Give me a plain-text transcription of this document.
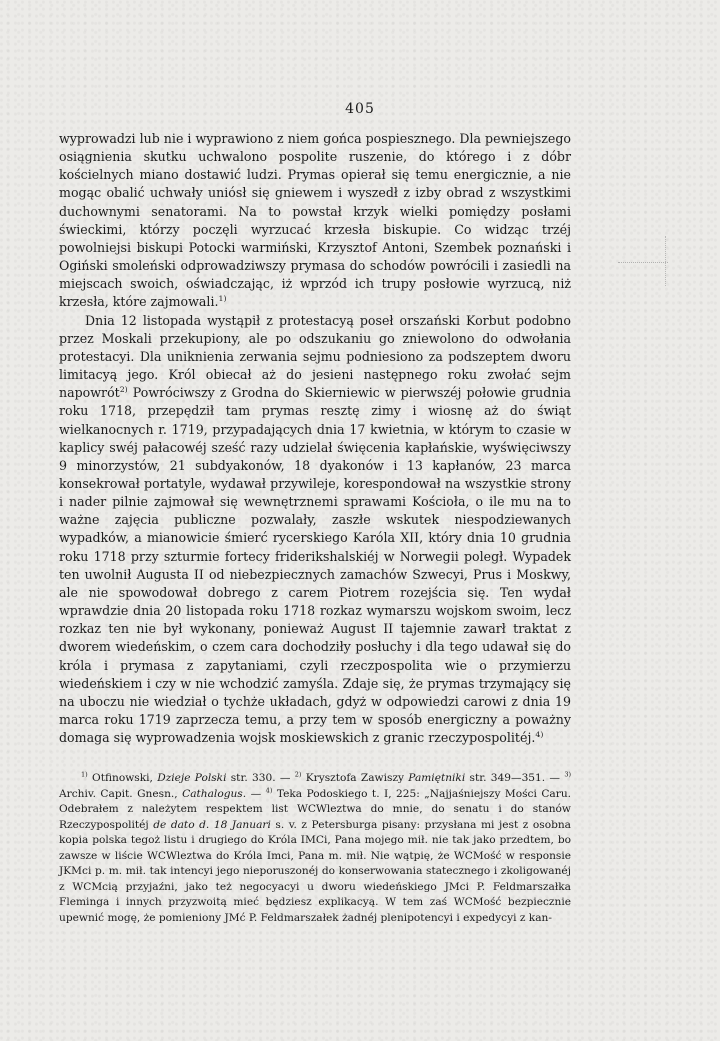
405

wyprowadzi lub nie i wyprawiono z niem gońca pospiesznego. Dla pewniejszego osiągnienia skutku uchwalono pospolite ruszenie, do którego i z dóbr kościelnych miano dostawić ludzi. Prymas opierał się temu energicznie, a nie mogąc obalić uchwały uniósł się gniewem i wyszedł z izby obrad z wszystkimi duchownymi senatorami. Na to powstał krzyk wielki pomiędzy posłami świeckimi, którzy poczęli wyrzucać krzesła biskupie. Co widząc trzéj powolniejsi biskupi Potocki warmiński, Krzysztof Antoni, Szembek poznański i Ogiński smoleński odprowadziwszy prymasa do schodów powrócili i zasiedli na miejscach swoich, oświadczając, iż wprzód ich trupy posłowie wyrzucą, niż krzesła, które zajmowali.$^{1)}$

Dnia 12 listopada wystąpił z protestacyą poseł orszański Korbut podobno przez Moskali przekupiony, ale po odszukaniu go zniewolono do odwołania protestacyi. Dla uniknienia zerwania sejmu podniesiono za podszeptem dworu limitacyą jego. Król obiecał aż do jesieni następnego roku zwołać sejm napowrót$^{2)}$ Powróciwszy z Grodna do Skierniewic w pierwszéj połowie grudnia roku 1718, przepędził tam prymas resztę zimy i wiosnę aż do świąt wielkanocnych r. 1719, przypadających dnia 17 kwietnia, w którym to czasie w kaplicy swéj pałacowéj sześć razy udzielał święcenia kapłańskie, wyświęciwszy 9 minorzystów, 21 subdyakonów, 18 dyakonów i 13 kapłanów, 23 marca konsekrował portatyle, wydawał przywileje, korespondował na wszystkie strony i nader pilnie zajmował się wewnętrznemi sprawami Kościoła, o ile mu na to ważne zajęcia publiczne pozwalały, zaszłe wskutek niespodziewanych wypadków, a mianowicie śmierć rycerskiego Karóla XII, który dnia 10 grudnia roku 1718 przy szturmie fortecy friderikshalskiéj w Norwegii poległ. Wypadek ten uwolnił Augusta II od niebezpiecznych zamachów Szwecyi, Prus i Moskwy, ale nie spowodował dobrego z carem Piotrem rozejścia się. Ten wydał wprawdzie dnia 20 listopada roku 1718 rozkaz wymarszu wojskom swoim, lecz rozkaz ten nie był wykonany, ponieważ August II tajemnie zawarł traktat z dworem wiedeńskim, o czem cara dochodziły posłuchy i dla tego udawał się do króla i prymasa z zapytaniami, czyli rzeczpospolita wie o przymierzu wiedeńskiem i czy w nie wchodzić zamyśla. Zdaje się, że prymas trzymający się na uboczu nie wiedział o tychże układach, gdyż w odpowiedzi carowi z dnia 19 marca roku 1719 zaprzecza temu, a przy tem w sposób energiczny a poważny domaga się wyprowadzenia wojsk moskiewskich z granic rzeczypospolitéj.$^{4)}$

$^{1)}$ Otfinowski, Dzieje Polski str. 330. — $^{2)}$ Krysztofa Zawiszy Pamiętniki str. 349—351. — $^{3)}$ Archiv. Capit. Gnesn., Cathalogus. — $^{4)}$ Teka Podoskiego t. I, 225: „Najjaśniejszy Mości Caru. Odebrałem z należytem respektem list WCWleztwa do mnie, do senatu i do stanów Rzeczypospolitéj de dato d. 18 Januari s. v. z Petersburga pisany: przysłana mi jest z osobna kopia polska tegoż listu i drugiego do Króla IMCi, Pana mojego mił. nie tak jako przedtem, bo zawsze w liście WCWleztwa do Króla Imci, Pana m. mił. Nie wątpię, że WCMość w responsie JKMci p. m. mił. tak intencyi jego nieporuszonéj do konserwowania statecznego i zkoligowanéj z WCMcią przyjaźni, jako też negocyacyi u dworu wiedeńskiego JMci P. Feldmarszałka Fleminga i innych przyzwoitą mieć będziesz explikacyą. W tem zaś WCMość bezpiecznie upewnić mogę, że pomieniony JMć P. Feldmarszałek żadnéj plenipotencyi i expedycyi z kan-
